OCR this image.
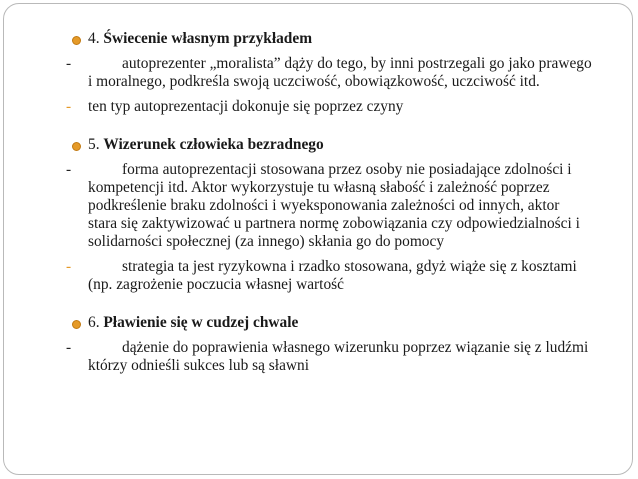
4. Świecenie własnym przykładem

-	autoprezenter „moralista” dąży do tego, by inni postrzegali go jako prawego
i moralnego, podkreśla swoją uczciwość, obowiązkowość, uczciwość itd.
- ten typ autoprezentacji dokonuje się poprzez czyny

5. Wizerunek człowieka bezradnego

-	forma autoprezentacji stosowana przez osoby nie posiadające zdolności i
kompetencji itd. Aktor wykorzystuje tu własną słabość i zależność poprzez
podkreślenie braku zdolności i wyeksponowania zależności od innych, aktor
stara się zaktywizować u partnera normę zobowiązania czy odpowiedzialności i
solidarności społecznej (za innego) skłania go do pomocy
-	strategia ta jest ryzykowna i rzadko stosowana, gdyż wiąże się z kosztami
(np. zagrożenie poczucia własnej wartość

6. Pławienie się w cudzej chwale

-	dążenie do poprawienia własnego wizerunku poprzez wiązanie się z ludźmi
którzy odnieśli sukces lub są sławni
